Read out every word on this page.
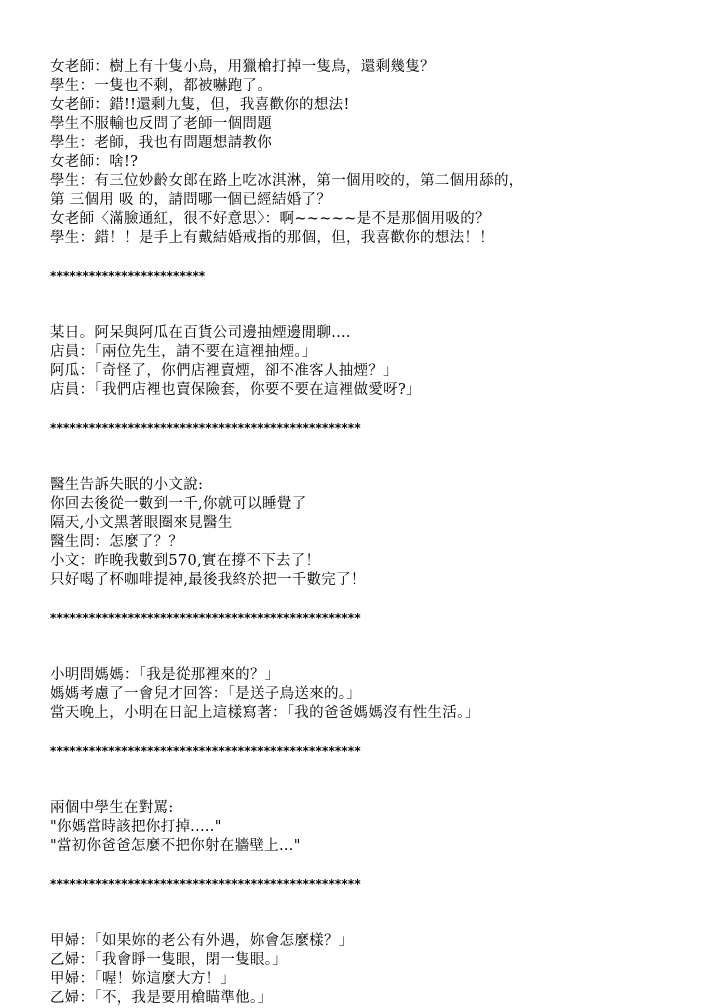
女老師：樹上有十隻小鳥，用獵槍打掉一隻鳥，還剩幾隻？
學生：一隻也不剩，都被嚇跑了。
女老師：錯!!還剩九隻，但，我喜歡你的想法!
學生不服輸也反問了老師一個問題
學生：老師，我也有問題想請教你
女老師：啥!?
學生：有三位妙齡女郎在路上吃冰淇淋，第一個用咬的，第二個用舔的，
第 三個用 吸 的，請問哪一個已經結婚了？
女老師〈滿臉通紅，很不好意思〉：啊~~~~~是不是那個用吸的？
學生：錯！！是手上有戴結婚戒指的那個，但，我喜歡你的想法！！
************************
某日。阿呆與阿瓜在百貨公司邊抽煙邊閒聊....
店員：「兩位先生，請不要在這裡抽煙。」
阿瓜：「奇怪了，你們店裡賣煙，卻不准客人抽煙？」
店員：「我們店裡也賣保險套，你要不要在這裡做愛呀?」
************************************************
醫生告訴失眠的小文說:
你回去後從一數到一千,你就可以睡覺了
隔天,小文黑著眼圈來見醫生
醫生問：怎麼了？？
小文：昨晚我數到570,實在撐不下去了！
只好喝了杯咖啡提神,最後我終於把一千數完了！
************************************************
小明問媽媽：「我是從那裡來的？」
媽媽考慮了一會兒才回答：「是送子鳥送來的。」
當天晚上，小明在日記上這樣寫著：「我的爸爸媽媽沒有性生活。」
************************************************
兩個中學生在對罵:
"你媽當時該把你打掉....."
"當初你爸爸怎麼不把你射在牆壁上..."
************************************************
甲婦：「如果妳的老公有外遇，妳會怎麼樣？」
乙婦：「我會睜一隻眼，閉一隻眼。」
甲婦：「喔！妳這麼大方！」
乙婦：「不，我是要用槍瞄準他。」
